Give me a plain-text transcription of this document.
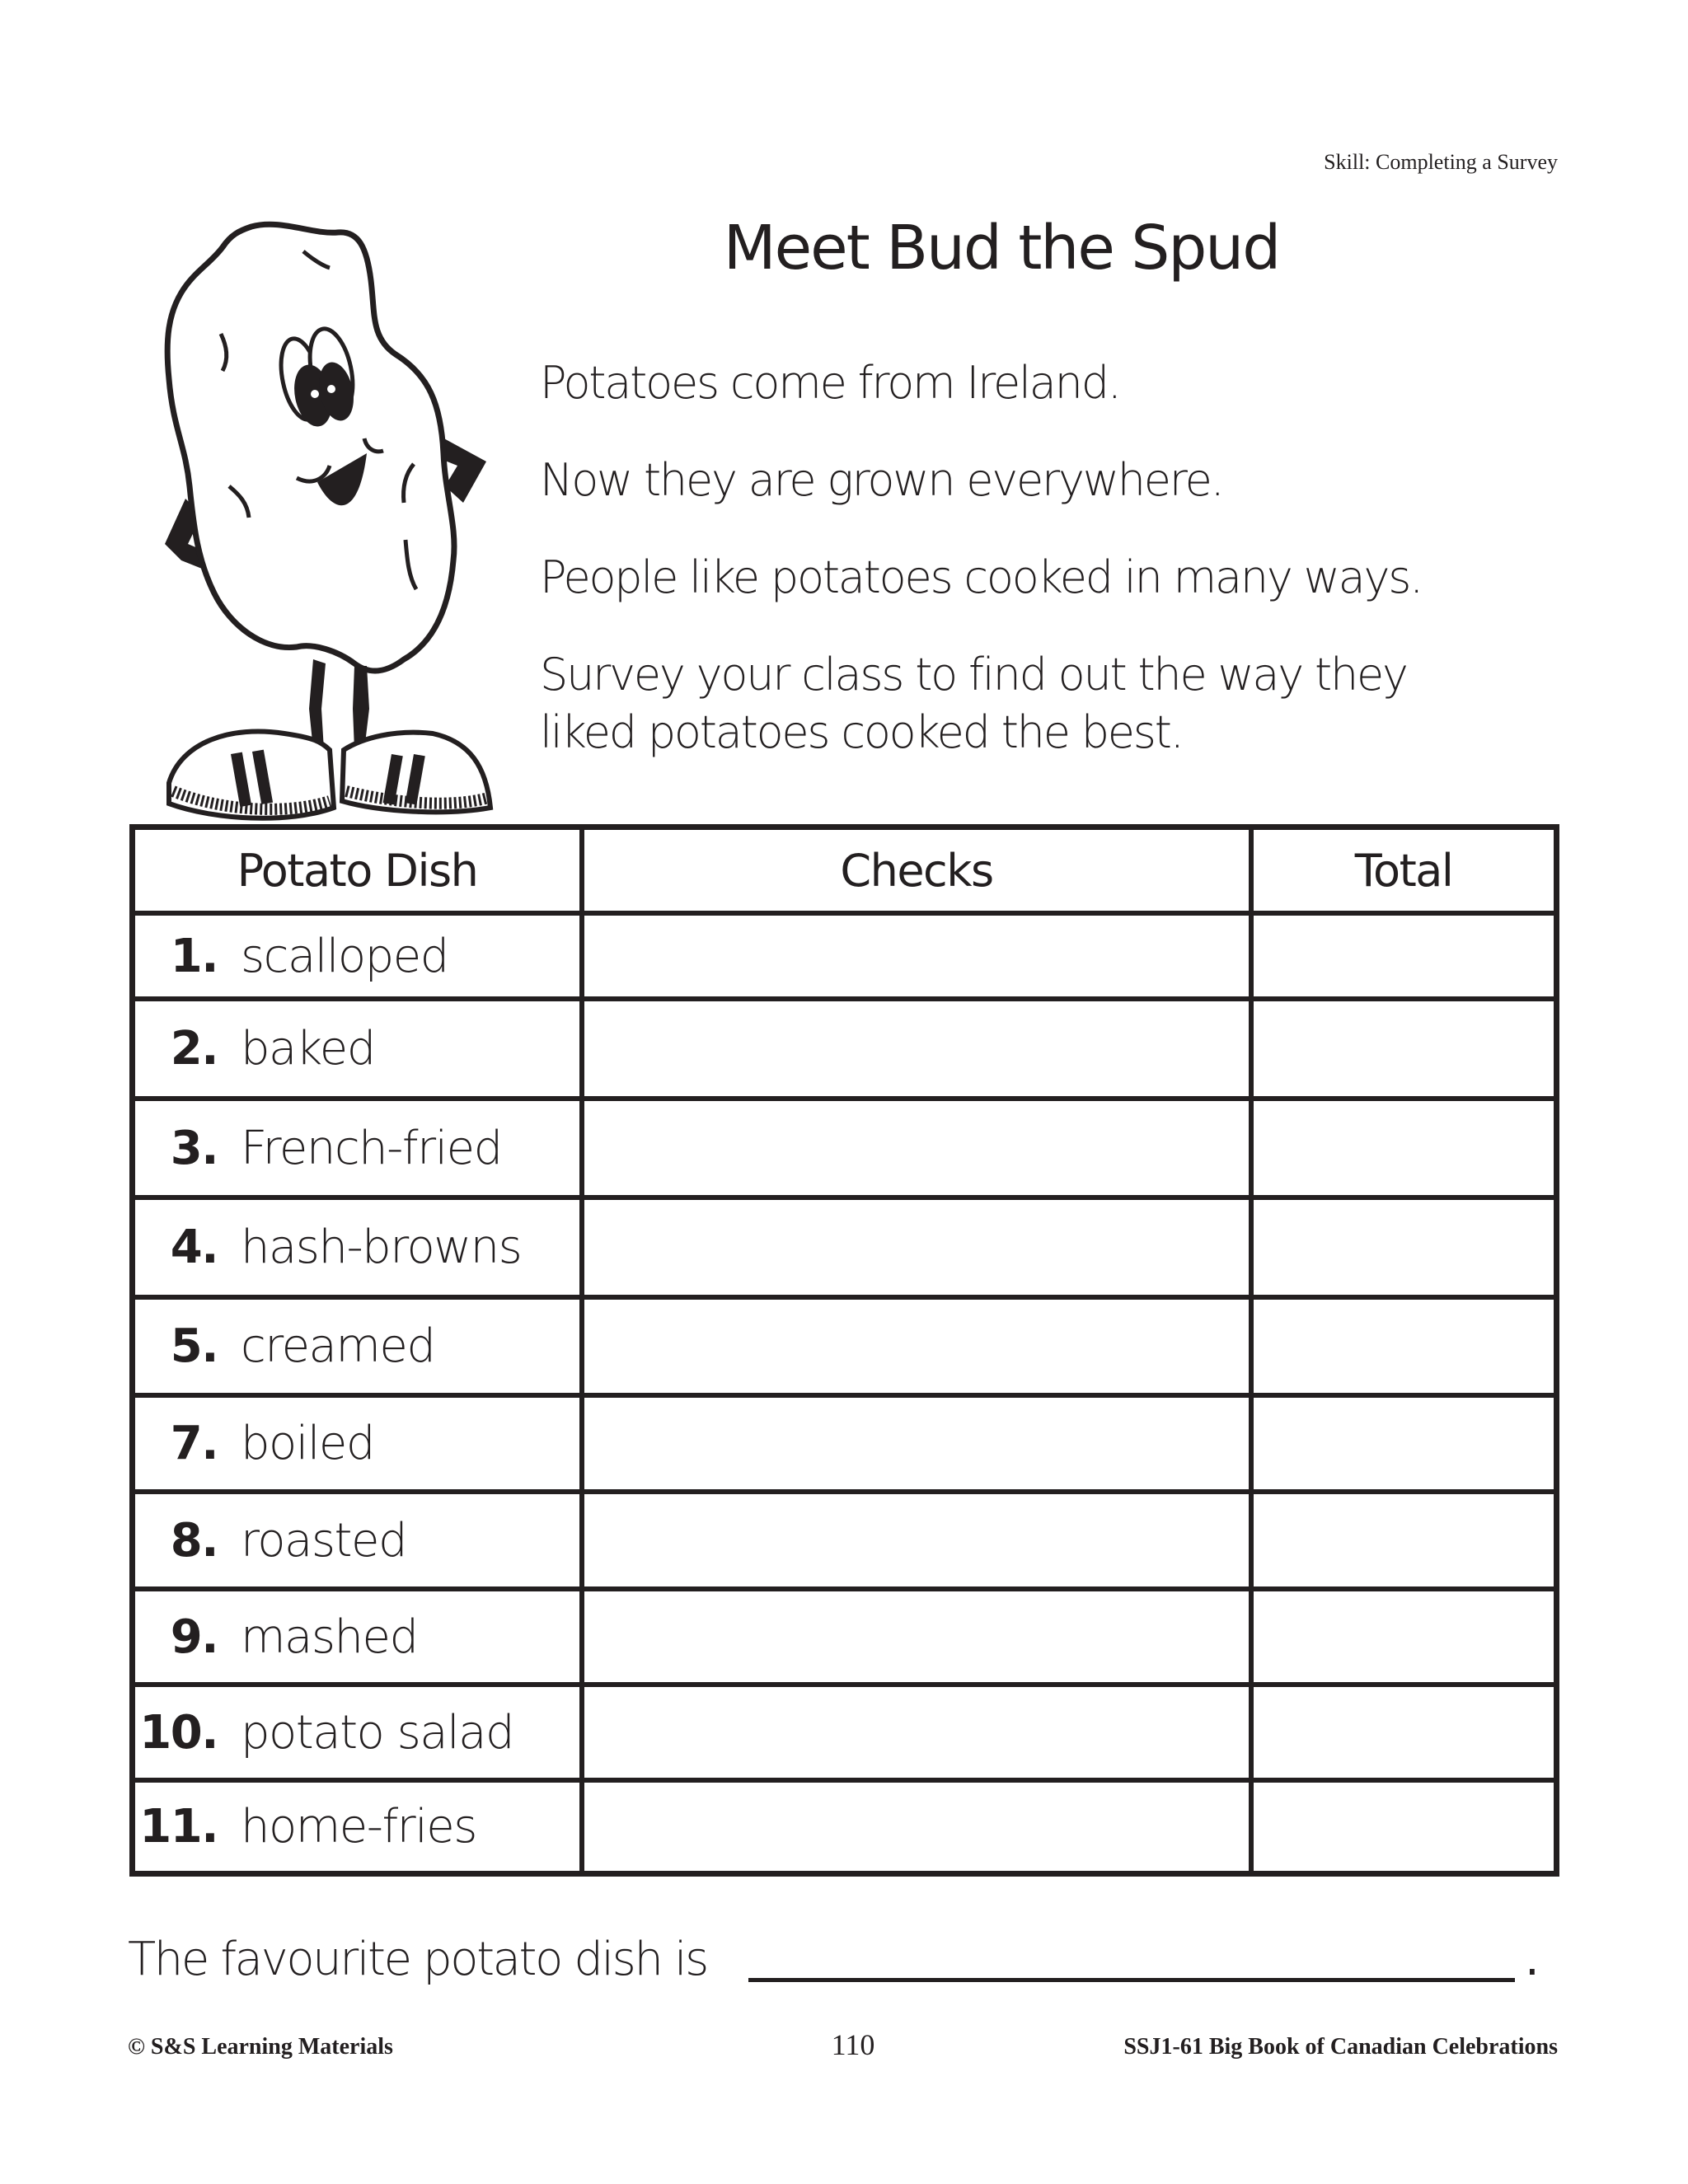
Skill: Completing a Survey
Meet Bud the Spud
Potatoes come from Ireland.
Now they are grown everywhere.
People like potatoes cooked in many ways.
Survey your class to find out the way they
liked potatoes cooked the best.
Potato Dish	Checks	Total
1. scalloped		
2. baked		
3. French-fried		
4. hash-browns		
5. creamed		
7. boiled		
8. roasted		
9. mashed		
10. potato salad		
11. home-fries		
The favourite potato dish is	.
© S&S Learning Materials	110	SSJ1-61 Big Book of Canadian Celebrations
